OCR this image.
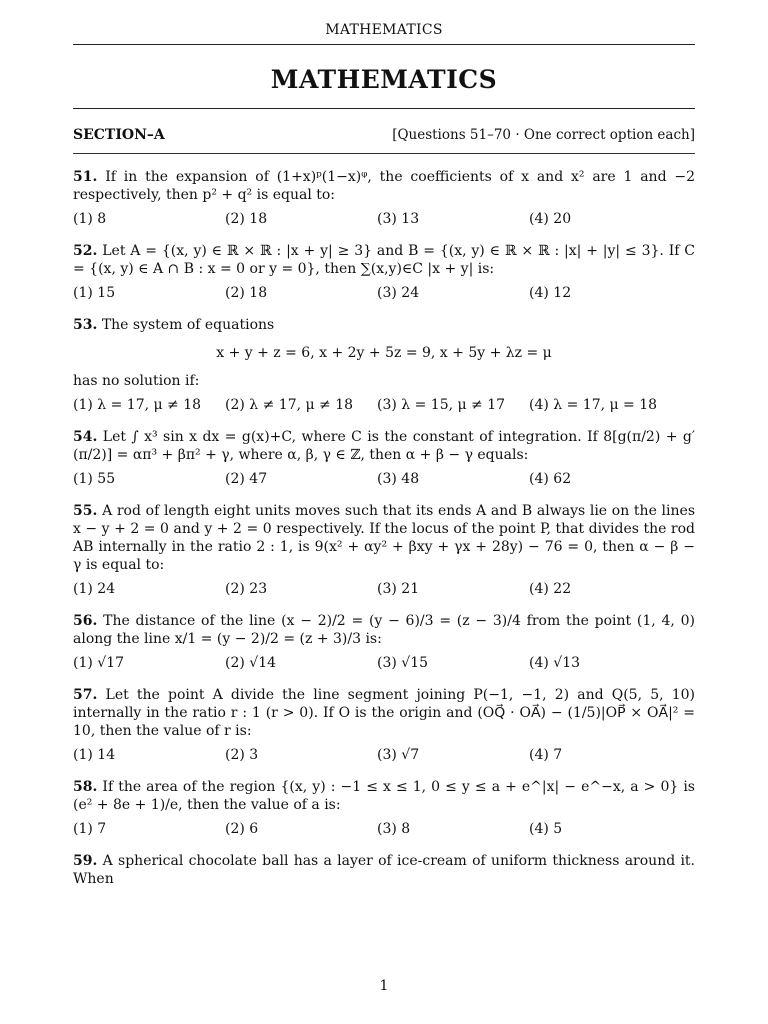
MATHEMATICS
MATHEMATICS
SECTION–A	[Questions 51–70 · One correct option each]
51. If in the expansion of (1+x)ᵖ(1−x)ᵠ, the coefficients of x and x² are 1 and −2 respectively, then p² + q² is equal to:
(1) 8	(2) 18	(3) 13	(4) 20
52. Let A = {(x, y) ∈ ℝ × ℝ : |x + y| ≥ 3} and B = {(x, y) ∈ ℝ × ℝ : |x| + |y| ≤ 3}. If C = {(x, y) ∈ A ∩ B : x = 0 or y = 0}, then ∑(x,y)∈C |x + y| is:
(1) 15	(2) 18	(3) 24	(4) 12
53. The system of equations
x + y + z = 6, x + 2y + 5z = 9, x + 5y + λz = μ
has no solution if:
(1) λ = 17, μ ≠ 18	(2) λ ≠ 17, μ ≠ 18	(3) λ = 15, μ ≠ 17	(4) λ = 17, μ = 18
54. Let ∫ x³ sin x dx = g(x)+C, where C is the constant of integration. If 8[g(π/2) + g′(π/2)] = απ³ + βπ² + γ, where α, β, γ ∈ ℤ, then α + β − γ equals:
(1) 55	(2) 47	(3) 48	(4) 62
55. A rod of length eight units moves such that its ends A and B always lie on the lines x − y + 2 = 0 and y + 2 = 0 respectively. If the locus of the point P, that divides the rod AB internally in the ratio 2 : 1, is 9(x² + αy² + βxy + γx + 28y) − 76 = 0, then α − β − γ is equal to:
(1) 24	(2) 23	(3) 21	(4) 22
56. The distance of the line (x − 2)/2 = (y − 6)/3 = (z − 3)/4 from the point (1, 4, 0) along the line x/1 = (y − 2)/2 = (z + 3)/3 is:
(1) √17	(2) √14	(3) √15	(4) √13
57. Let the point A divide the line segment joining P(−1, −1, 2) and Q(5, 5, 10) internally in the ratio r : 1 (r > 0). If O is the origin and (OQ⃗ · OA⃗) − (1/5)|OP⃗ × OA⃗|² = 10, then the value of r is:
(1) 14	(2) 3	(3) √7	(4) 7
58. If the area of the region {(x, y) : −1 ≤ x ≤ 1, 0 ≤ y ≤ a + e^|x| − e^−x, a > 0} is (e² + 8e + 1)/e, then the value of a is:
(1) 7	(2) 6	(3) 8	(4) 5
59. A spherical chocolate ball has a layer of ice-cream of uniform thickness around it. When
1
